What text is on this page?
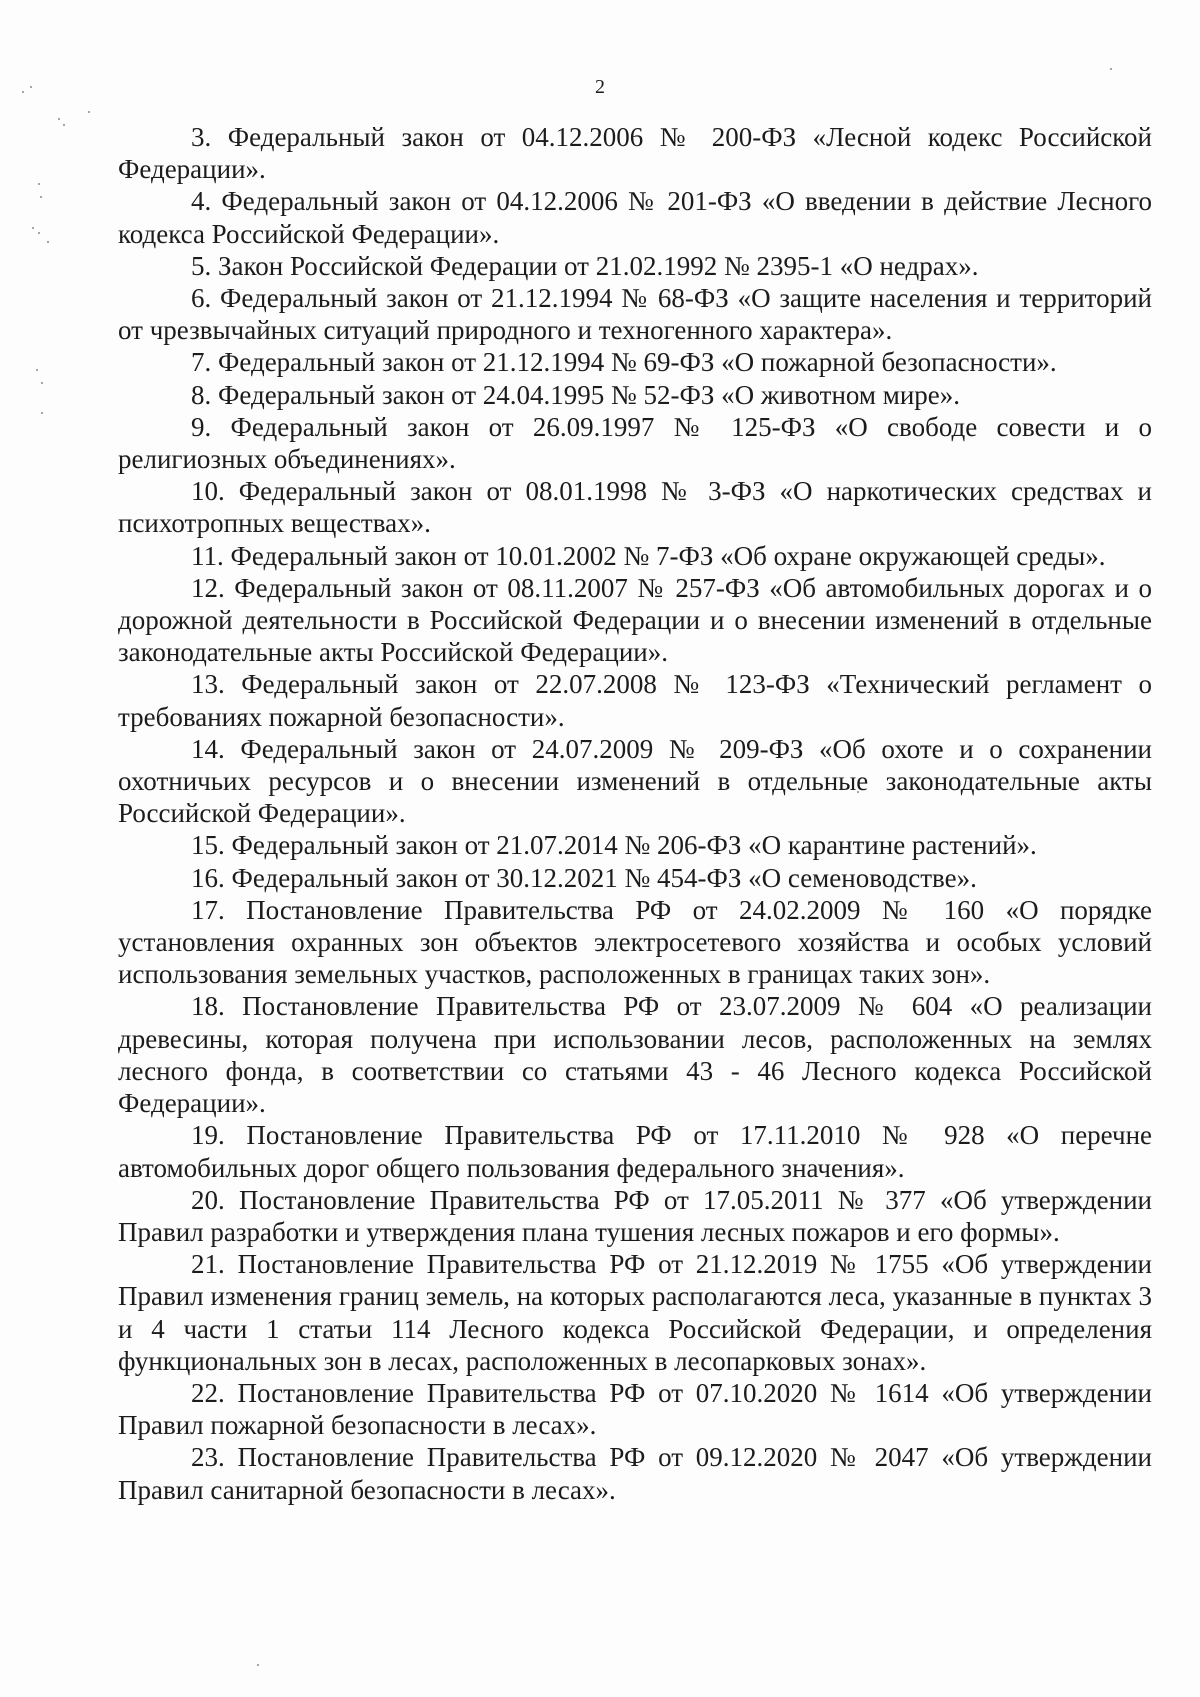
2

3. Федеральный закон от 04.12.2006 № 200-ФЗ «Лесной кодекс Российской Федерации».

4. Федеральный закон от 04.12.2006 № 201-ФЗ «О введении в действие Лесного кодекса Российской Федерации».

5. Закон Российской Федерации от 21.02.1992 № 2395-1 «О недрах».

6. Федеральный закон от 21.12.1994 № 68-ФЗ «О защите населения и территорий от чрезвычайных ситуаций природного и техногенного характера».

7. Федеральный закон от 21.12.1994 № 69-ФЗ «О пожарной безопасности».

8. Федеральный закон от 24.04.1995 № 52-ФЗ «О животном мире».

9. Федеральный закон от 26.09.1997 № 125-ФЗ «О свободе совести и о религиозных объединениях».

10. Федеральный закон от 08.01.1998 № 3-ФЗ «О наркотических средствах и психотропных веществах».

11. Федеральный закон от 10.01.2002 № 7-ФЗ «Об охране окружающей среды».

12. Федеральный закон от 08.11.2007 № 257-ФЗ «Об автомобильных дорогах и о дорожной деятельности в Российской Федерации и о внесении изменений в отдельные законодательные акты Российской Федерации».

13. Федеральный закон от 22.07.2008 № 123-ФЗ «Технический регламент о требованиях пожарной безопасности».

14. Федеральный закон от 24.07.2009 № 209-ФЗ «Об охоте и о сохранении охотничьих ресурсов и о внесении изменений в отдельные законодательные акты Российской Федерации».

15. Федеральный закон от 21.07.2014 № 206-ФЗ «О карантине растений».

16. Федеральный закон от 30.12.2021 № 454-ФЗ «О семеноводстве».

17. Постановление Правительства РФ от 24.02.2009 № 160 «О порядке установления охранных зон объектов электросетевого хозяйства и особых условий использования земельных участков, расположенных в границах таких зон».

18. Постановление Правительства РФ от 23.07.2009 № 604 «О реализации древесины, которая получена при использовании лесов, расположенных на землях лесного фонда, в соответствии со статьями 43 - 46 Лесного кодекса Российской Федерации».

19. Постановление Правительства РФ от 17.11.2010 № 928 «О перечне автомобильных дорог общего пользования федерального значения».

20. Постановление Правительства РФ от 17.05.2011 № 377 «Об утверждении Правил разработки и утверждения плана тушения лесных пожаров и его формы».

21. Постановление Правительства РФ от 21.12.2019 № 1755 «Об утверждении Правил изменения границ земель, на которых располагаются леса, указанные в пунктах 3 и 4 части 1 статьи 114 Лесного кодекса Российской Федерации, и определения функциональных зон в лесах, расположенных в лесопарковых зонах».

22. Постановление Правительства РФ от 07.10.2020 № 1614 «Об утверждении Правил пожарной безопасности в лесах».

23. Постановление Правительства РФ от 09.12.2020 № 2047 «Об утверждении Правил санитарной безопасности в лесах».
